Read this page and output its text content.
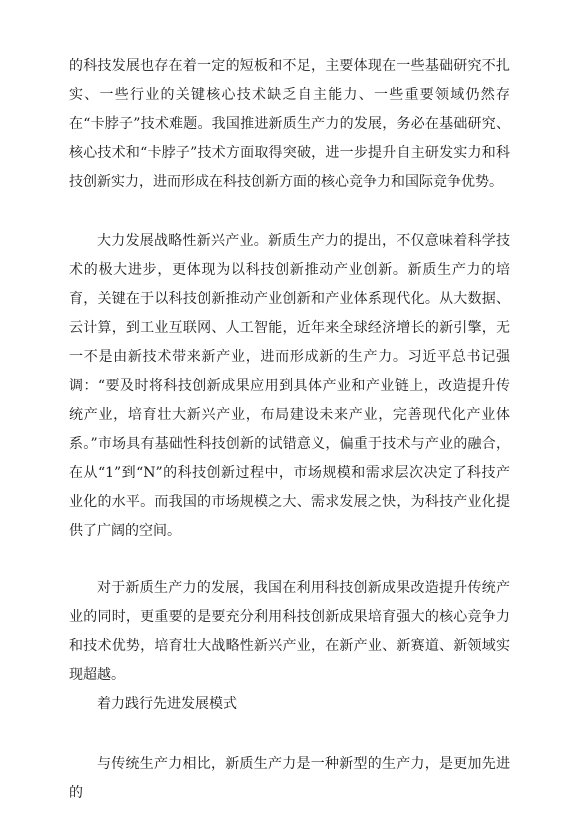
的科技发展也存在着一定的短板和不足，主要体现在一些基础研究不扎实、一些行业的关键核心技术缺乏自主能力、一些重要领域仍然存在“卡脖子”技术难题。我国推进新质生产力的发展，务必在基础研究、核心技术和“卡脖子”技术方面取得突破，进一步提升自主研发实力和科技创新实力，进而形成在科技创新方面的核心竞争力和国际竞争优势。

大力发展战略性新兴产业。新质生产力的提出，不仅意味着科学技术的极大进步，更体现为以科技创新推动产业创新。新质生产力的培育，关键在于以科技创新推动产业创新和产业体系现代化。从大数据、云计算，到工业互联网、人工智能，近年来全球经济增长的新引擎，无一不是由新技术带来新产业，进而形成新的生产力。习近平总书记强调：“要及时将科技创新成果应用到具体产业和产业链上，改造提升传统产业，培育壮大新兴产业，布局建设未来产业，完善现代化产业体系。”市场具有基础性科技创新的试错意义，偏重于技术与产业的融合，在从“1”到“N”的科技创新过程中，市场规模和需求层次决定了科技产业化的水平。而我国的市场规模之大、需求发展之快，为科技产业化提供了广阔的空间。

对于新质生产力的发展，我国在利用科技创新成果改造提升传统产业的同时，更重要的是要充分利用科技创新成果培育强大的核心竞争力和技术优势，培育壮大战略性新兴产业，在新产业、新赛道、新领域实现超越。

着力践行先进发展模式

与传统生产力相比，新质生产力是一种新型的生产力，是更加先进的
